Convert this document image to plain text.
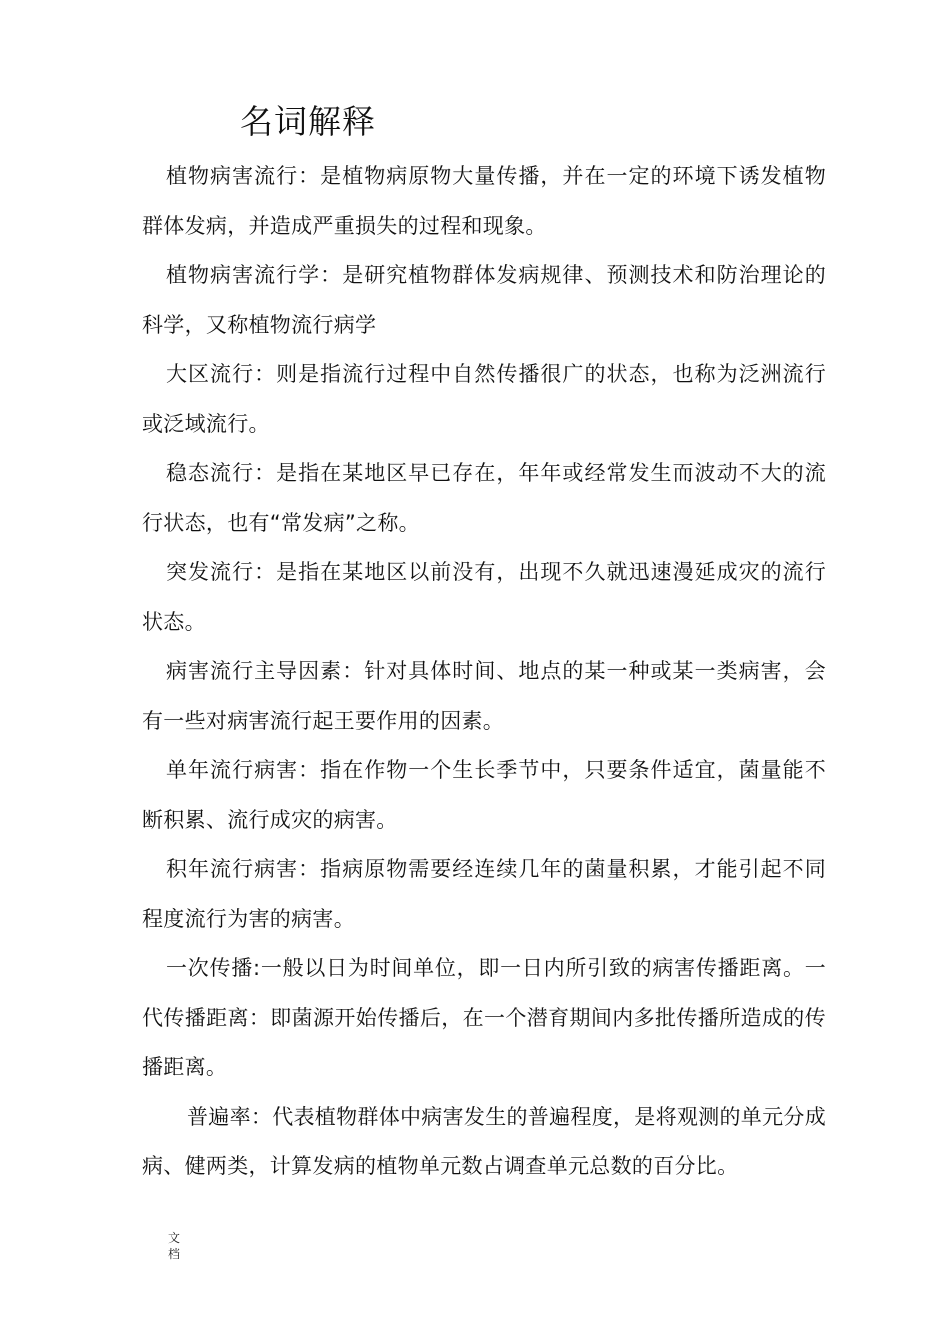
名词解释

植物病害流行：是植物病原物大量传播，并在一定的环境下诱发植物群体发病，并造成严重损失的过程和现象。

植物病害流行学：是研究植物群体发病规律、预测技术和防治理论的科学，又称植物流行病学

大区流行：则是指流行过程中自然传播很广的状态，也称为泛洲流行或泛域流行。

稳态流行：是指在某地区早已存在，年年或经常发生而波动不大的流行状态，也有“常发病”之称。

突发流行：是指在某地区以前没有，出现不久就迅速漫延成灾的流行状态。

病害流行主导因素：针对具体时间、地点的某一种或某一类病害，会有一些对病害流行起王要作用的因素。

单年流行病害：指在作物一个生长季节中，只要条件适宜，菌量能不断积累、流行成灾的病害。

积年流行病害：指病原物需要经连续几年的菌量积累，才能引起不同程度流行为害的病害。

一次传播:一般以日为时间单位，即一日内所引致的病害传播距离。一代传播距离：即菌源开始传播后，在一个潜育期间内多批传播所造成的传播距离。

普遍率：代表植物群体中病害发生的普遍程度，是将观测的单元分成病、健两类，计算发病的植物单元数占调查单元总数的百分比。

文档
